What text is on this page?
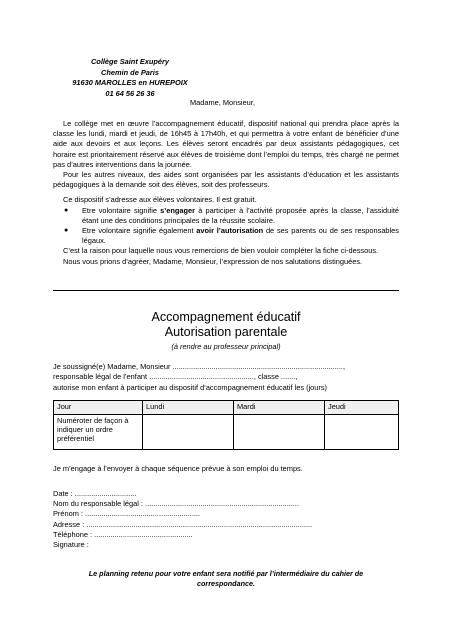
Collège Saint Exupéry
Chemin de Paris
91630 MAROLLES en HUREPOIX
01 64 56 26 36
Madame, Monsieur,

Le collège met en œuvre l’accompagnement éducatif, dispositif national qui prendra place après la classe les lundi, mardi et jeudi, de 16h45 à 17h40h, et qui permettra à votre enfant de bénéficier d’une aide aux devoirs et aux leçons. Les élèves seront encadrés par deux assistants pédagogiques, cet horaire est prioritairement réservé aux élèves de troisième dont l’emploi du temps, très chargé ne permet pas d’autres interventions dans la journée.

Pour les autres niveaux, des aides sont organisées par les assistants d’éducation et les assistants pédagogiques à la demande soit des élèves, soit des professeurs.

Ce dispositif s’adresse aux élèves volontaires. Il est gratuit.

● Etre volontaire signifie s’engager à participer à l’activité proposée après la classe, l’assiduité étant une des conditions principales de la réussite scolaire.
● Etre volontaire signifie également avoir l’autorisation de ses parents ou de ses responsables légaux.

C’est la raison pour laquelle nous vous remercions de bien vouloir compléter la fiche ci-dessous.

Nous vous prions d’agréer, Madame, Monsieur, l’expression de nos salutations distinguées.

Accompagnement éducatif
Autorisation parentale
(à rendre au professeur principal)
Je soussigné(e) Madame, Monsieur ...................................................................................,
responsable légal de l’enfant ..................................................., classe .......,
autorise mon enfant à participer au dispositif d’accompagnement éducatif les (jours)
Jour	Lundi	Mardi	Jeudi
Numéroter de façon à indiquer un ordre préférentiel			
Je m’engage à l’envoyer à chaque séquence prévue à son emploi du temps.
Date : ..............................
Nom du responsable légal : ...........................................................................
Prénom : ........................................................
Adresse : ..............................................................................................................
Téléphone : ................................................
Signature :
Le planning retenu pour votre enfant sera notifié par l’intermédiaire du cahier de
correspondance.
